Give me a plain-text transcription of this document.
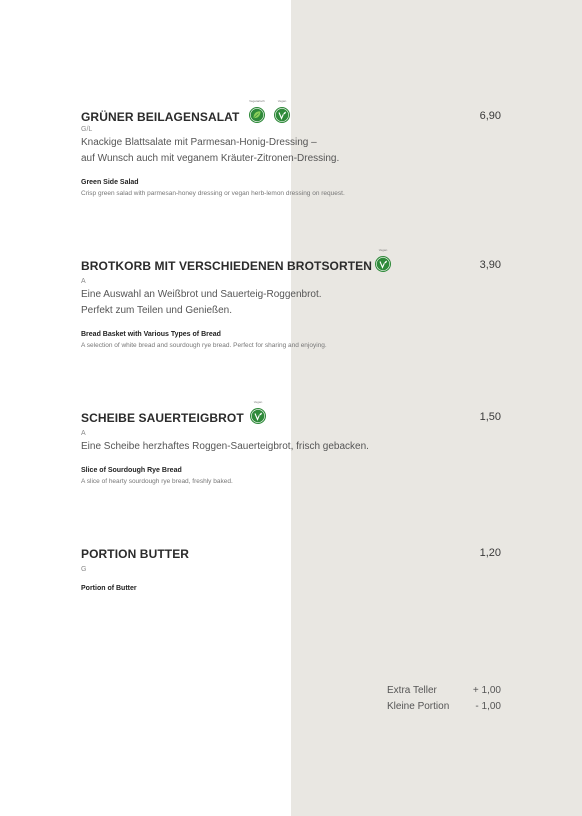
GRÜNER BEILAGENSALAT
Vegetarisch	Vegan
6,90
G/L
Knackige Blattsalate mit Parmesan-Honig-Dressing –
auf Wunsch auch mit veganem Kräuter-Zitronen-Dressing.
Green Side Salad
Crisp green salad with parmesan-honey dressing or vegan herb-lemon dressing on request.
BROTKORB MIT VERSCHIEDENEN BROTSORTEN
Vegan
3,90
A
Eine Auswahl an Weißbrot und Sauerteig-Roggenbrot.
Perfekt zum Teilen und Genießen.
Bread Basket with Various Types of Bread
A selection of white bread and sourdough rye bread. Perfect for sharing and enjoying.
SCHEIBE SAUERTEIGBROT
Vegan
1,50
A
Eine Scheibe herzhaftes Roggen-Sauerteigbrot, frisch gebacken.
Slice of Sourdough Rye Bread
A slice of hearty sourdough rye bread, freshly baked.
PORTION BUTTER	1,20
G
Portion of Butter
Extra Teller	+ 1,00
Kleine Portion	- 1,00
